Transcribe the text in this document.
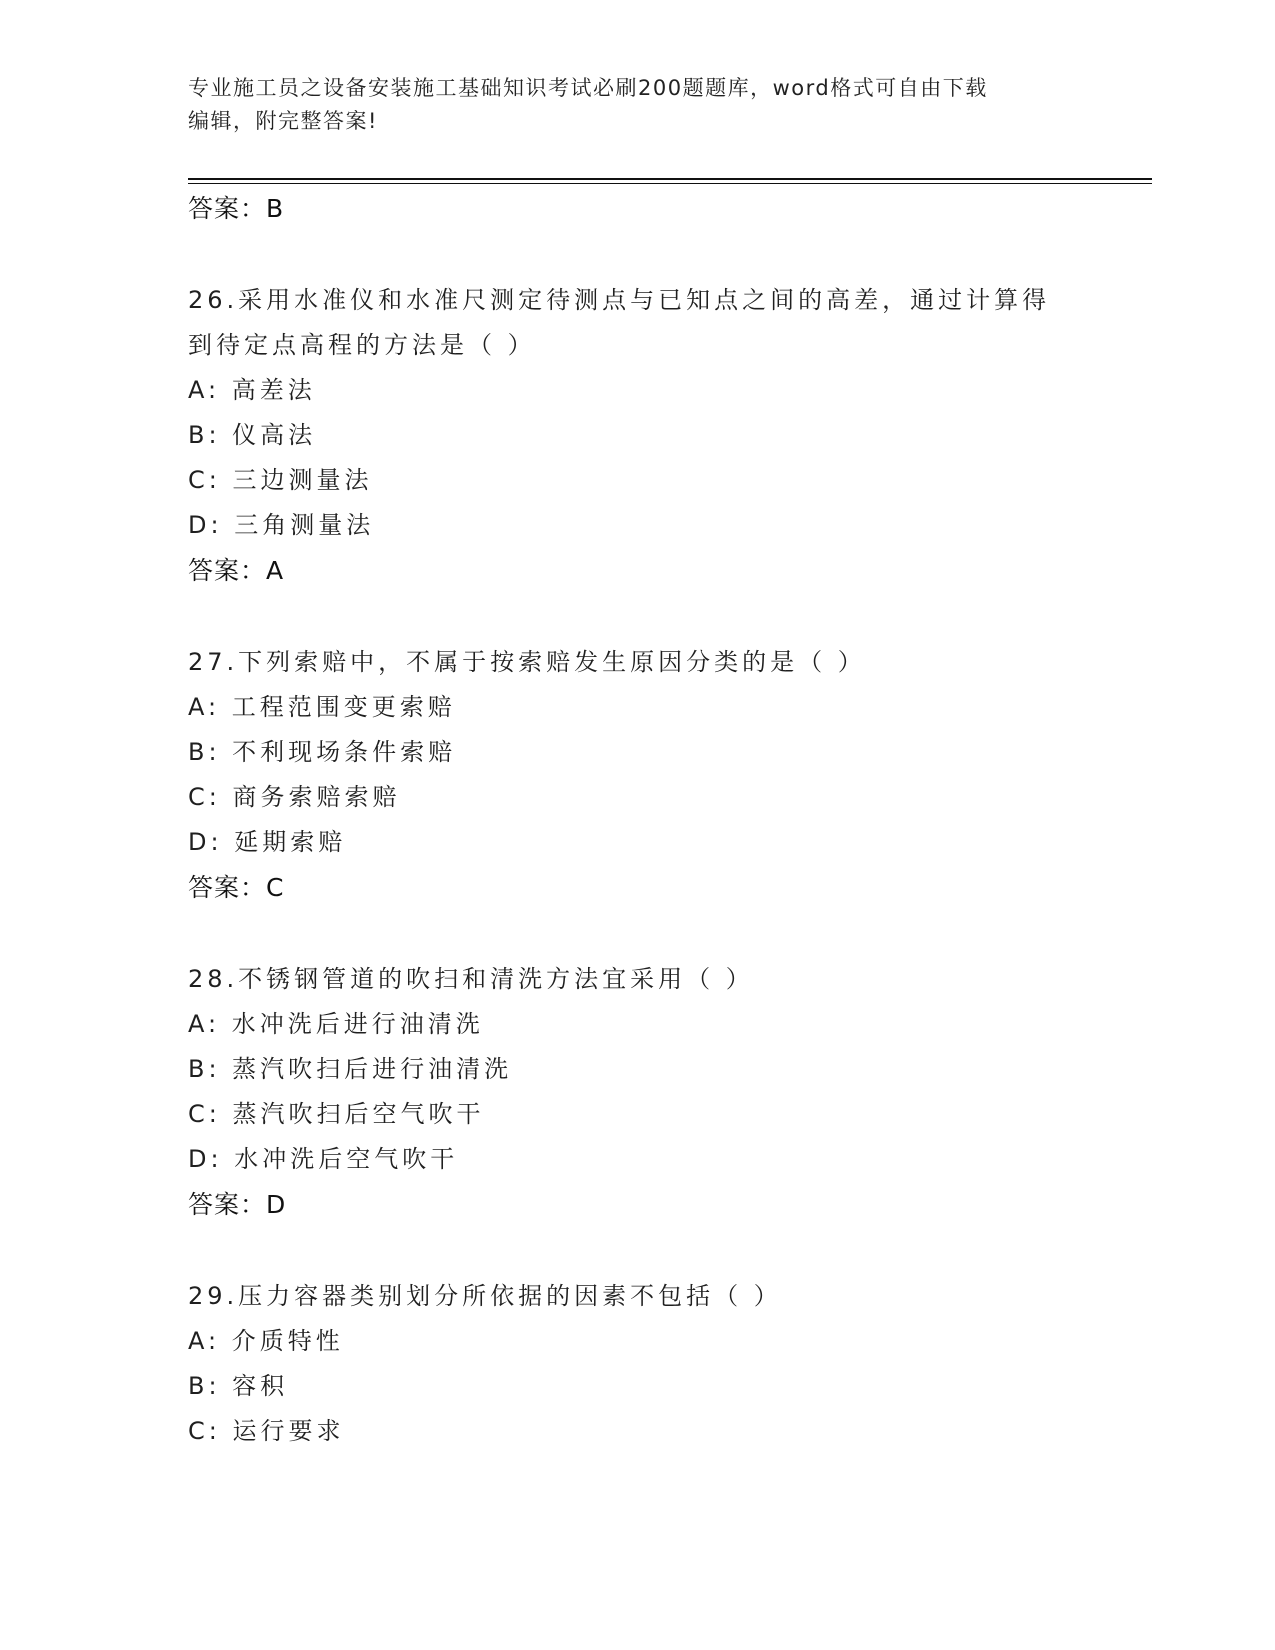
专业施工员之设备安装施工基础知识考试必刷200题题库，word格式可自由下载
编辑，附完整答案!
答案：B
26.采用水准仪和水准尺测定待测点与已知点之间的高差，通过计算得
到待定点高程的方法是（ ）
A: 高差法
B: 仪高法
C: 三边测量法
D: 三角测量法
答案：A
27.下列索赔中，不属于按索赔发生原因分类的是（ ）
A: 工程范围变更索赔
B: 不利现场条件索赔
C: 商务索赔索赔
D: 延期索赔
答案：C
28.不锈钢管道的吹扫和清洗方法宜采用（ ）
A: 水冲洗后进行油清洗
B: 蒸汽吹扫后进行油清洗
C: 蒸汽吹扫后空气吹干
D: 水冲洗后空气吹干
答案：D
29.压力容器类别划分所依据的因素不包括（ ）
A: 介质特性
B: 容积
C: 运行要求
